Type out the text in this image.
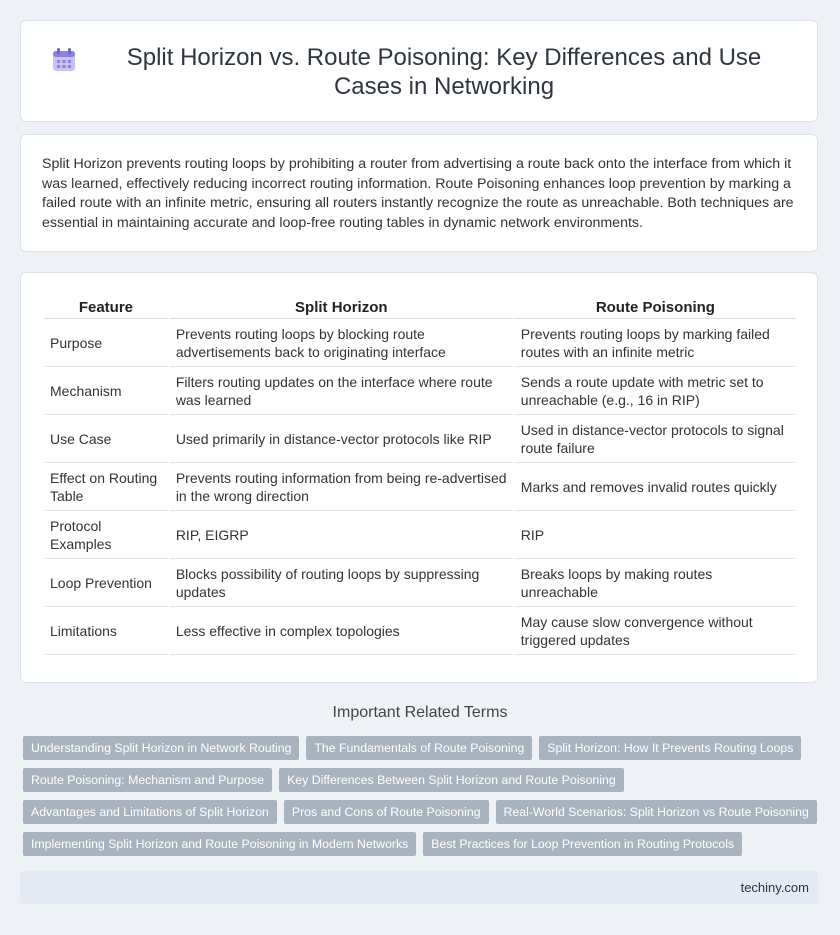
Split Horizon vs. Route Poisoning: Key Differences and Use Cases in Networking

Split Horizon prevents routing loops by prohibiting a router from advertising a route back onto the interface from which it was learned, effectively reducing incorrect routing information. Route Poisoning enhances loop prevention by marking a failed route with an infinite metric, ensuring all routers instantly recognize the route as unreachable. Both techniques are essential in maintaining accurate and loop-free routing tables in dynamic network environments.

Feature	Split Horizon	Route Poisoning
Purpose	Prevents routing loops by blocking route advertisements back to originating interface	Prevents routing loops by marking failed routes with an infinite metric
Mechanism	Filters routing updates on the interface where route was learned	Sends a route update with metric set to unreachable (e.g., 16 in RIP)
Use Case	Used primarily in distance-vector protocols like RIP	Used in distance-vector protocols to signal route failure
Effect on Routing Table	Prevents routing information from being re-advertised in the wrong direction	Marks and removes invalid routes quickly
Protocol Examples	RIP, EIGRP	RIP
Loop Prevention	Blocks possibility of routing loops by suppressing updates	Breaks loops by making routes unreachable
Limitations	Less effective in complex topologies	May cause slow convergence without triggered updates
Important Related Terms
Understanding Split Horizon in Network Routing	The Fundamentals of Route Poisoning	Split Horizon: How It Prevents Routing Loops
Route Poisoning: Mechanism and Purpose	Key Differences Between Split Horizon and Route Poisoning
Advantages and Limitations of Split Horizon	Pros and Cons of Route Poisoning	Real-World Scenarios: Split Horizon vs Route Poisoning
Implementing Split Horizon and Route Poisoning in Modern Networks	Best Practices for Loop Prevention in Routing Protocols
techiny.com
